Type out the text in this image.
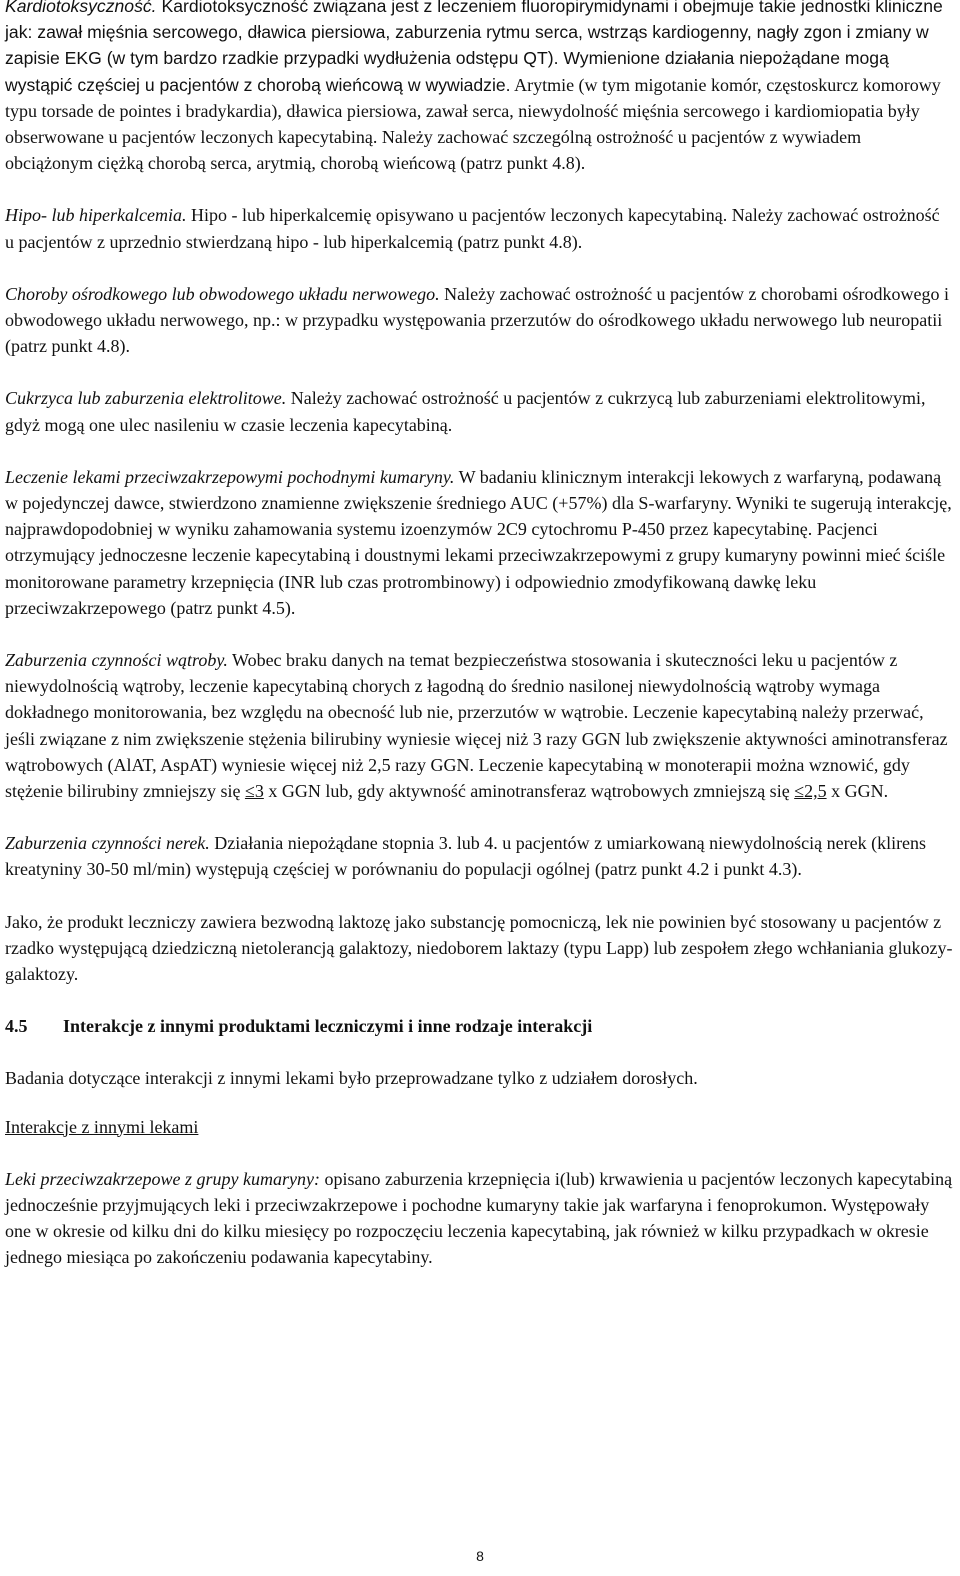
Kardiotoksyczność. Kardiotoksyczność związana jest z leczeniem fluoropirymidynami i obejmuje takie jednostki kliniczne jak: zawał mięśnia sercowego, dławica piersiowa, zaburzenia rytmu serca, wstrząs kardiogenny, nagły zgon i zmiany w zapisie EKG (w tym bardzo rzadkie przypadki wydłużenia odstępu QT). Wymienione działania niepożądane mogą wystąpić częściej u pacjentów z chorobą wieńcową w wywiadzie. Arytmie (w tym migotanie komór, częstoskurcz komorowy typu torsade de pointes i bradykardia), dławica piersiowa, zawał serca, niewydolność mięśnia sercowego i kardiomiopatia były obserwowane u pacjentów leczonych kapecytabiną. Należy zachować szczególną ostrożność u pacjentów z wywiadem obciążonym ciężką chorobą serca, arytmią, chorobą wieńcową (patrz punkt 4.8).

Hipo- lub hiperkalcemia. Hipo - lub hiperkalcemię opisywano u pacjentów leczonych kapecytabiną. Należy zachować ostrożność u pacjentów z uprzednio stwierdzaną hipo - lub hiperkalcemią (patrz punkt 4.8).

Choroby ośrodkowego lub obwodowego układu nerwowego. Należy zachować ostrożność u pacjentów z chorobami ośrodkowego i obwodowego układu nerwowego, np.: w przypadku występowania przerzutów do ośrodkowego układu nerwowego lub neuropatii (patrz punkt 4.8).

Cukrzyca lub zaburzenia elektrolitowe. Należy zachować ostrożność u pacjentów z cukrzycą lub zaburzeniami elektrolitowymi, gdyż mogą one ulec nasileniu w czasie leczenia kapecytabiną.

Leczenie lekami przeciwzakrzepowymi pochodnymi kumaryny. W badaniu klinicznym interakcji lekowych z warfaryną, podawaną w pojedynczej dawce, stwierdzono znamienne zwiększenie średniego AUC (+57%) dla S-warfaryny. Wyniki te sugerują interakcję, najprawdopodobniej w wyniku zahamowania systemu izoenzymów 2C9 cytochromu P-450 przez kapecytabinę. Pacjenci otrzymujący jednoczesne leczenie kapecytabiną i doustnymi lekami przeciwzakrzepowymi z grupy kumaryny powinni mieć ściśle monitorowane parametry krzepnięcia (INR lub czas protrombinowy) i odpowiednio zmodyfikowaną dawkę leku przeciwzakrzepowego (patrz punkt 4.5).

Zaburzenia czynności wątroby. Wobec braku danych na temat bezpieczeństwa stosowania i skuteczności leku u pacjentów z niewydolnością wątroby, leczenie kapecytabiną chorych z łagodną do średnio nasilonej niewydolnością wątroby wymaga dokładnego monitorowania, bez względu na obecność lub nie, przerzutów w wątrobie. Leczenie kapecytabiną należy przerwać, jeśli związane z nim zwiększenie stężenia bilirubiny wyniesie więcej niż 3 razy GGN lub zwiększenie aktywności aminotransferaz wątrobowych (AlAT, AspAT) wyniesie więcej niż 2,5 razy GGN. Leczenie kapecytabiną w monoterapii można wznowić, gdy stężenie bilirubiny zmniejszy się ≤3 x GGN lub, gdy aktywność aminotransferaz wątrobowych zmniejszą się ≤2,5 x GGN.

Zaburzenia czynności nerek. Działania niepożądane stopnia 3. lub 4. u pacjentów z umiarkowaną niewydolnością nerek (klirens kreatyniny 30-50 ml/min) występują częściej w porównaniu do populacji ogólnej (patrz punkt 4.2 i punkt 4.3).

Jako, że produkt leczniczy zawiera bezwodną laktozę jako substancję pomocniczą, lek nie powinien być stosowany u pacjentów z rzadko występującą dziedziczną nietolerancją galaktozy, niedoborem laktazy (typu Lapp) lub zespołem złego wchłaniania glukozy-galaktozy.

4.5 Interakcje z innymi produktami leczniczymi i inne rodzaje interakcji

Badania dotyczące interakcji z innymi lekami było przeprowadzane tylko z udziałem dorosłych.

Interakcje z innymi lekami

Leki przeciwzakrzepowe z grupy kumaryny: opisano zaburzenia krzepnięcia i(lub) krwawienia u pacjentów leczonych kapecytabiną jednocześnie przyjmujących leki i przeciwzakrzepowe i pochodne kumaryny takie jak warfaryna i fenoprokumon. Występowały one w okresie od kilku dni do kilku miesięcy po rozpoczęciu leczenia kapecytabiną, jak również w kilku przypadkach w okresie jednego miesiąca po zakończeniu podawania kapecytabiny.

8
